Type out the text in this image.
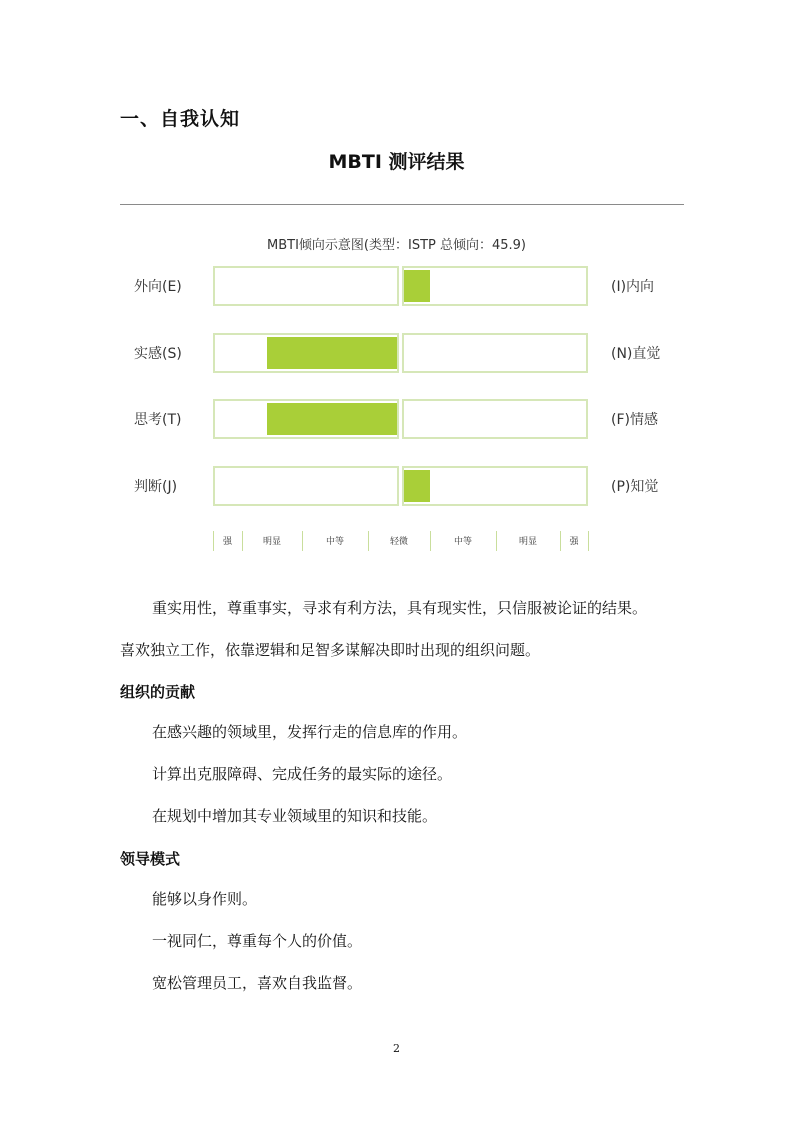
一、自我认知
MBTI 测评结果
MBTI倾向示意图(类型：ISTP 总倾向：45.9)
外向(E)	(I)内向
实感(S)	(N)直觉
思考(T)	(F)情感
判断(J)	(P)知觉
强	明显	中等	轻微	中等	明显	强
重实用性，尊重事实，寻求有利方法，具有现实性，只信服被论证的结果。
喜欢独立工作，依靠逻辑和足智多谋解决即时出现的组织问题。
组织的贡献
在感兴趣的领域里，发挥行走的信息库的作用。
计算出克服障碍、完成任务的最实际的途径。
在规划中增加其专业领域里的知识和技能。
领导模式
能够以身作则。
一视同仁，尊重每个人的价值。
宽松管理员工，喜欢自我监督。
2
